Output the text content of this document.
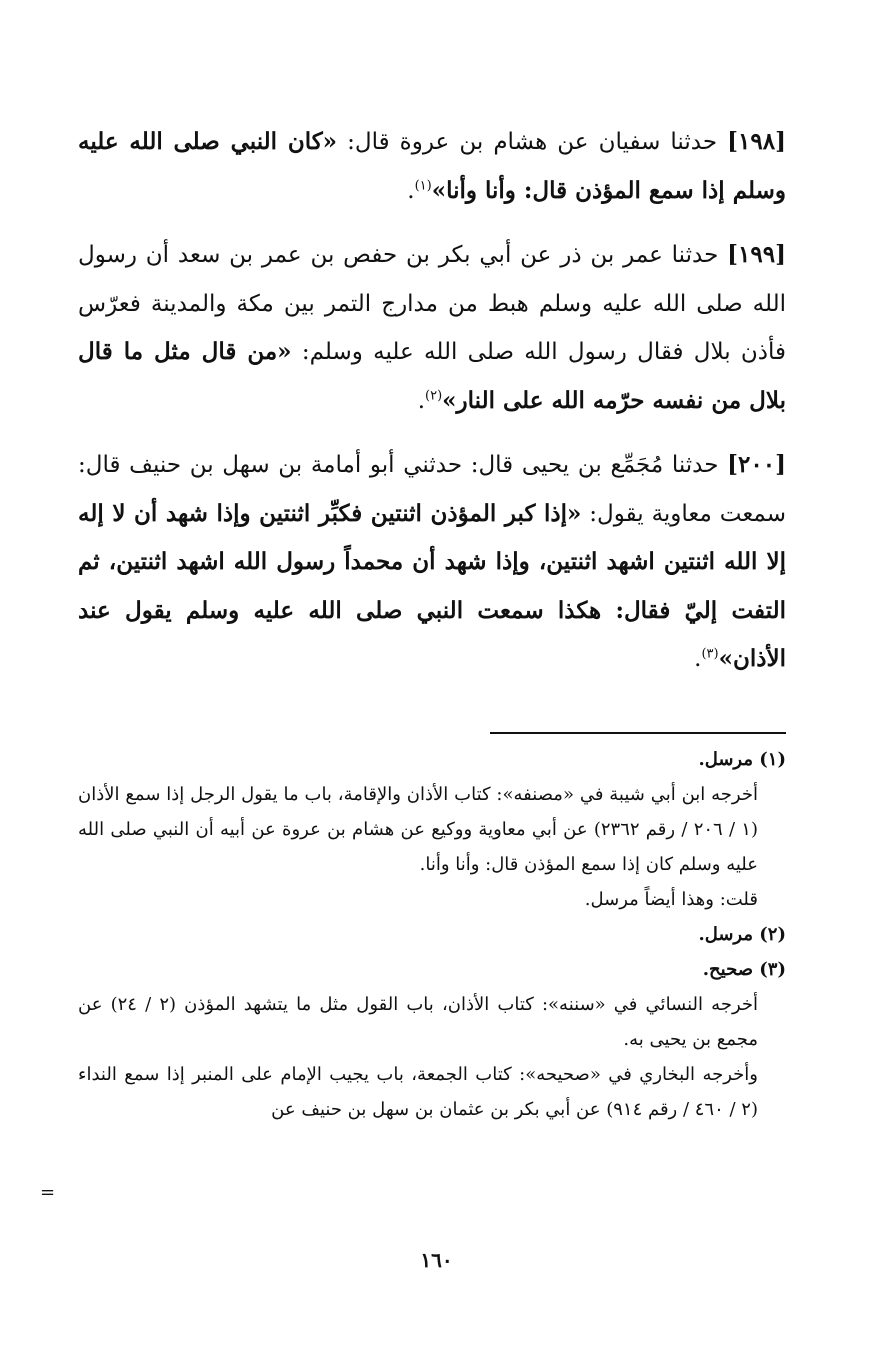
[١٩٨] حدثنا سفيان عن هشام بن عروة قال: «كان النبي صلى الله عليه وسلم إذا سمع المؤذن قال: وأنا وأنا»$^{(١)}$.

[١٩٩] حدثنا عمر بن ذر عن أبي بكر بن حفص بن عمر بن سعد أن رسول الله صلى الله عليه وسلم هبط من مدارج التمر بين مكة والمدينة فعرّس فأذن بلال فقال رسول الله صلى الله عليه وسلم: «من قال مثل ما قال بلال من نفسه حرّمه الله على النار»$^{(٢)}$.

[٢٠٠] حدثنا مُجَمِّع بن يحيى قال: حدثني أبو أمامة بن سهل بن حنيف قال: سمعت معاوية يقول: «إذا كبر المؤذن اثنتين فكبِّر اثنتين وإذا شهد أن لا إله إلا الله اثنتين اشهد اثنتين، وإذا شهد أن محمداً رسول الله اشهد اثنتين، ثم التفت إليّ فقال: هكذا سمعت النبي صلى الله عليه وسلم يقول عند الأذان»$^{(٣)}$.

(١) مرسل.

أخرجه ابن أبي شيبة في «مصنفه»: كتاب الأذان والإقامة، باب ما يقول الرجل إذا سمع الأذان (١ / ٢٠٦ / رقم ٢٣٦٢) عن أبي معاوية ووكيع عن هشام بن عروة عن أبيه أن النبي صلى الله عليه وسلم كان إذا سمع المؤذن قال: وأنا وأنا.

قلت: وهذا أيضاً مرسل.

(٢) مرسل.

(٣) صحيح.

أخرجه النسائي في «سننه»: كتاب الأذان، باب القول مثل ما يتشهد المؤذن (٢ / ٢٤) عن مجمع بن يحيى به.

وأخرجه البخاري في «صحيحه»: كتاب الجمعة، باب يجيب الإمام على المنبر إذا سمع النداء (٢ / ٤٦٠ / رقم ٩١٤) عن أبي بكر بن عثمان بن سهل بن حنيف عن

=
١٦٠
